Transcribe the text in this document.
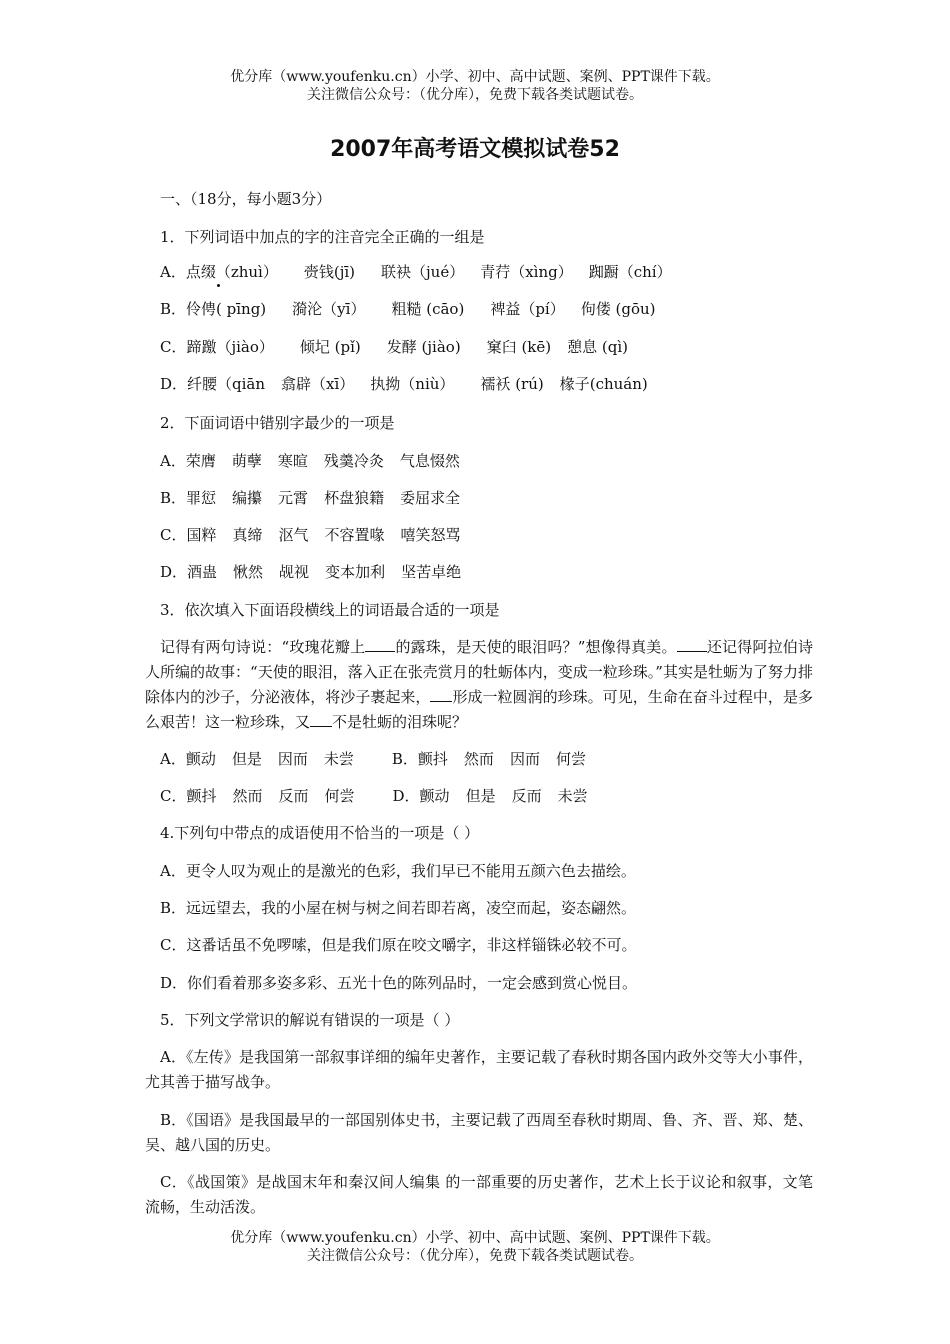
优分库（www.youfenku.cn）小学、初中、高中试题、案例、PPT课件下载。
关注微信公众号：（优分库），免费下载各类试题试卷。
2007年高考语文模拟试卷52
一、（18分，每小题3分）
1．下列词语中加点的字的注音完全正确的一组是
A．点缀（zhuì） 赍钱(jī) 联袂（jué） 青荇（xìng） 踟蹰（chí）
B．伶俜( pīng) 漪沦（yī） 粗糙 (cāo) 裨益（pí） 佝偻 (gōu)
C．蹄躈（jiào） 倾圮 (pǐ) 发酵 (jiào) 窠臼 (kē) 憩息 (qì)
D．纤腰（qiān 翕辟（xī） 执拗（niù） 襦袄 (rú) 椽子(chuán)
2．下面词语中错别字最少的一项是
A．荣膺 萌孽 寒暄 残羹冷灸 气息惙然
B．罪愆 编攥 元霄 杯盘狼籍 委屈求全
C．国粹 真缔 沤气 不容置喙 嘻笑怒骂
D．酒蛊 愀然 觇视 变本加利 坚苦卓绝
3．依次填入下面语段横线上的词语最合适的一项是
记得有两句诗说：“玫瑰花瓣上 的露珠，是天使的眼泪吗？”想像得真美。 还记得阿拉伯诗人所编的故事：“天使的眼泪，落入正在张壳赏月的牡蛎体内，变成一粒珍珠。”其实是牡蛎为了努力排除体内的沙子，分泌液体，将沙子裹起来， 形成一粒圆润的珍珠。可见，生命在奋斗过程中，是多么艰苦！这一粒珍珠，又 不是牡蛎的泪珠呢？
A．颤动 但是 因而 未尝	B．颤抖 然而 因而 何尝
C．颤抖 然而 反而 何尝	D．颤动 但是 反而 未尝
4.下列句中带点的成语使用不恰当的一项是（ ）
A．更令人叹为观止的是激光的色彩，我们早已不能用五颜六色去描绘。
B．远远望去，我的小屋在树与树之间若即若离，凌空而起，姿态翩然。
C．这番话虽不免啰嗦，但是我们原在咬文嚼字，非这样锱铢必较不可。
D．你们看着那多姿多彩、五光十色的陈列品时，一定会感到赏心悦目。
5．下列文学常识的解说有错误的一项是（ ）
A．《左传》是我国第一部叙事详细的编年史著作，主要记载了春秋时期各国内政外交等大小事件，尤其善于描写战争。
B．《国语》是我国最早的一部国别体史书，主要记载了西周至春秋时期周、鲁、齐、晋、郑、楚、吴、越八国的历史。
C．《战国策》是战国末年和秦汉间人编集 的一部重要的历史著作，艺术上长于议论和叙事，文笔流畅，生动活泼。
优分库（www.youfenku.cn）小学、初中、高中试题、案例、PPT课件下载。
关注微信公众号：（优分库），免费下载各类试题试卷。
